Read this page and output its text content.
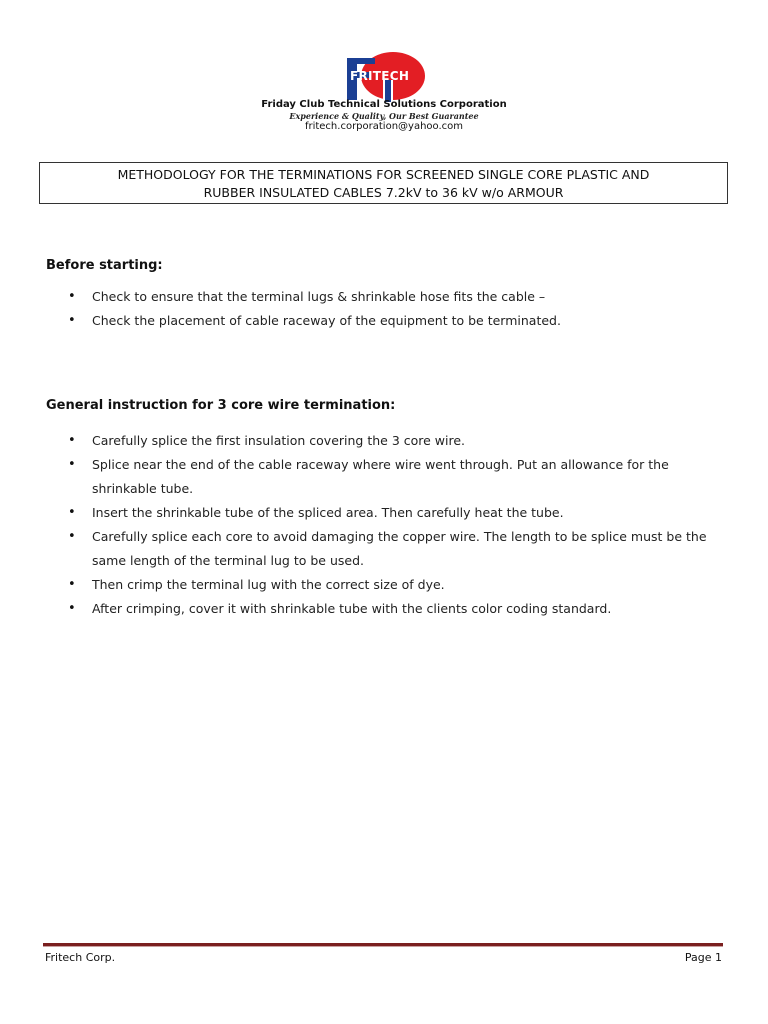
FRITECH
Friday Club Technical Solutions Corporation
Experience & Quality, Our Best Guarantee
fritech.corporation@yahoo.com
METHODOLOGY FOR THE TERMINATIONS FOR SCREENED SINGLE CORE PLASTIC AND
RUBBER INSULATED CABLES 7.2kV to 36 kV w/o ARMOUR
Before starting:
• Check to ensure that the terminal lugs & shrinkable hose fits the cable –
• Check the placement of cable raceway of the equipment to be terminated.
General instruction for 3 core wire termination:
• Carefully splice the first insulation covering the 3 core wire.
• Splice near the end of the cable raceway where wire went through. Put an allowance for the
shrinkable tube.
• Insert the shrinkable tube of the spliced area. Then carefully heat the tube.
• Carefully splice each core to avoid damaging the copper wire. The length to be splice must be the
same length of the terminal lug to be used.
• Then crimp the terminal lug with the correct size of dye.
• After crimping, cover it with shrinkable tube with the clients color coding standard.
Fritech Corp.	Page 1
